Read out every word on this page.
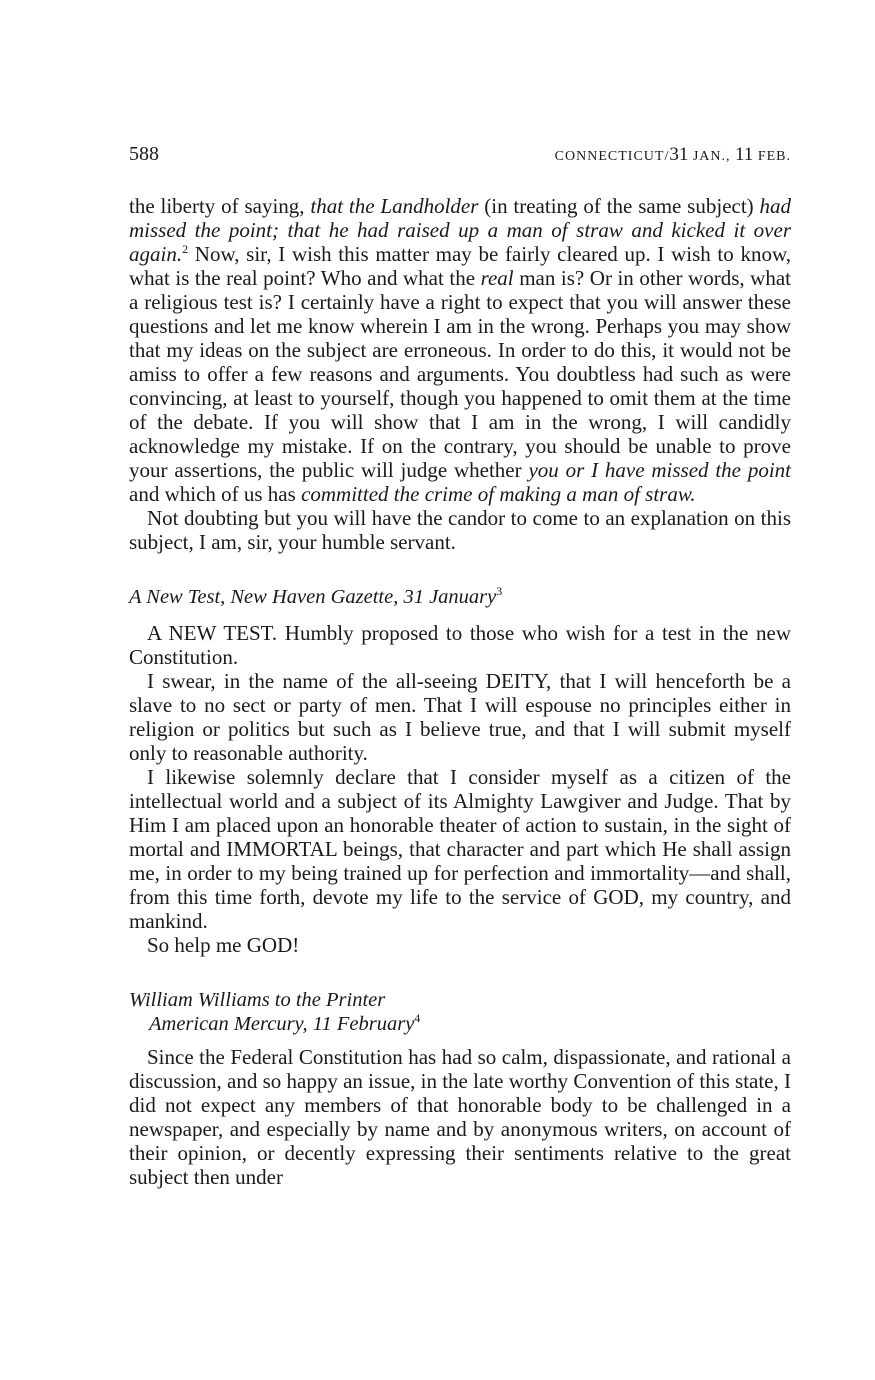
588	CONNECTICUT/31 JAN., 11 FEB.

the liberty of saying, that the Landholder (in treating of the same subject) had missed the point; that he had raised up a man of straw and kicked it over again.$^2$ Now, sir, I wish this matter may be fairly cleared up. I wish to know, what is the real point? Who and what the real man is? Or in other words, what a religious test is? I certainly have a right to expect that you will answer these questions and let me know wherein I am in the wrong. Perhaps you may show that my ideas on the subject are erroneous. In order to do this, it would not be amiss to offer a few reasons and arguments. You doubtless had such as were convincing, at least to yourself, though you happened to omit them at the time of the debate. If you will show that I am in the wrong, I will candidly acknowledge my mistake. If on the contrary, you should be unable to prove your assertions, the public will judge whether you or I have missed the point and which of us has committed the crime of making a man of straw.

Not doubting but you will have the candor to come to an explanation on this subject, I am, sir, your humble servant.

A New Test, New Haven Gazette, 31 January$^3$

A NEW TEST. Humbly proposed to those who wish for a test in the new Constitution.

I swear, in the name of the all-seeing DEITY, that I will henceforth be a slave to no sect or party of men. That I will espouse no principles either in religion or politics but such as I believe true, and that I will submit myself only to reasonable authority.

I likewise solemnly declare that I consider myself as a citizen of the intellectual world and a subject of its Almighty Lawgiver and Judge. That by Him I am placed upon an honorable theater of action to sustain, in the sight of mortal and IMMORTAL beings, that character and part which He shall assign me, in order to my being trained up for perfection and immortality—and shall, from this time forth, devote my life to the service of GOD, my country, and mankind.

So help me GOD!

William Williams to the Printer

American Mercury, 11 February$^4$

Since the Federal Constitution has had so calm, dispassionate, and rational a discussion, and so happy an issue, in the late worthy Convention of this state, I did not expect any members of that honorable body to be challenged in a newspaper, and especially by name and by anonymous writers, on account of their opinion, or decently expressing their sentiments relative to the great subject then under
